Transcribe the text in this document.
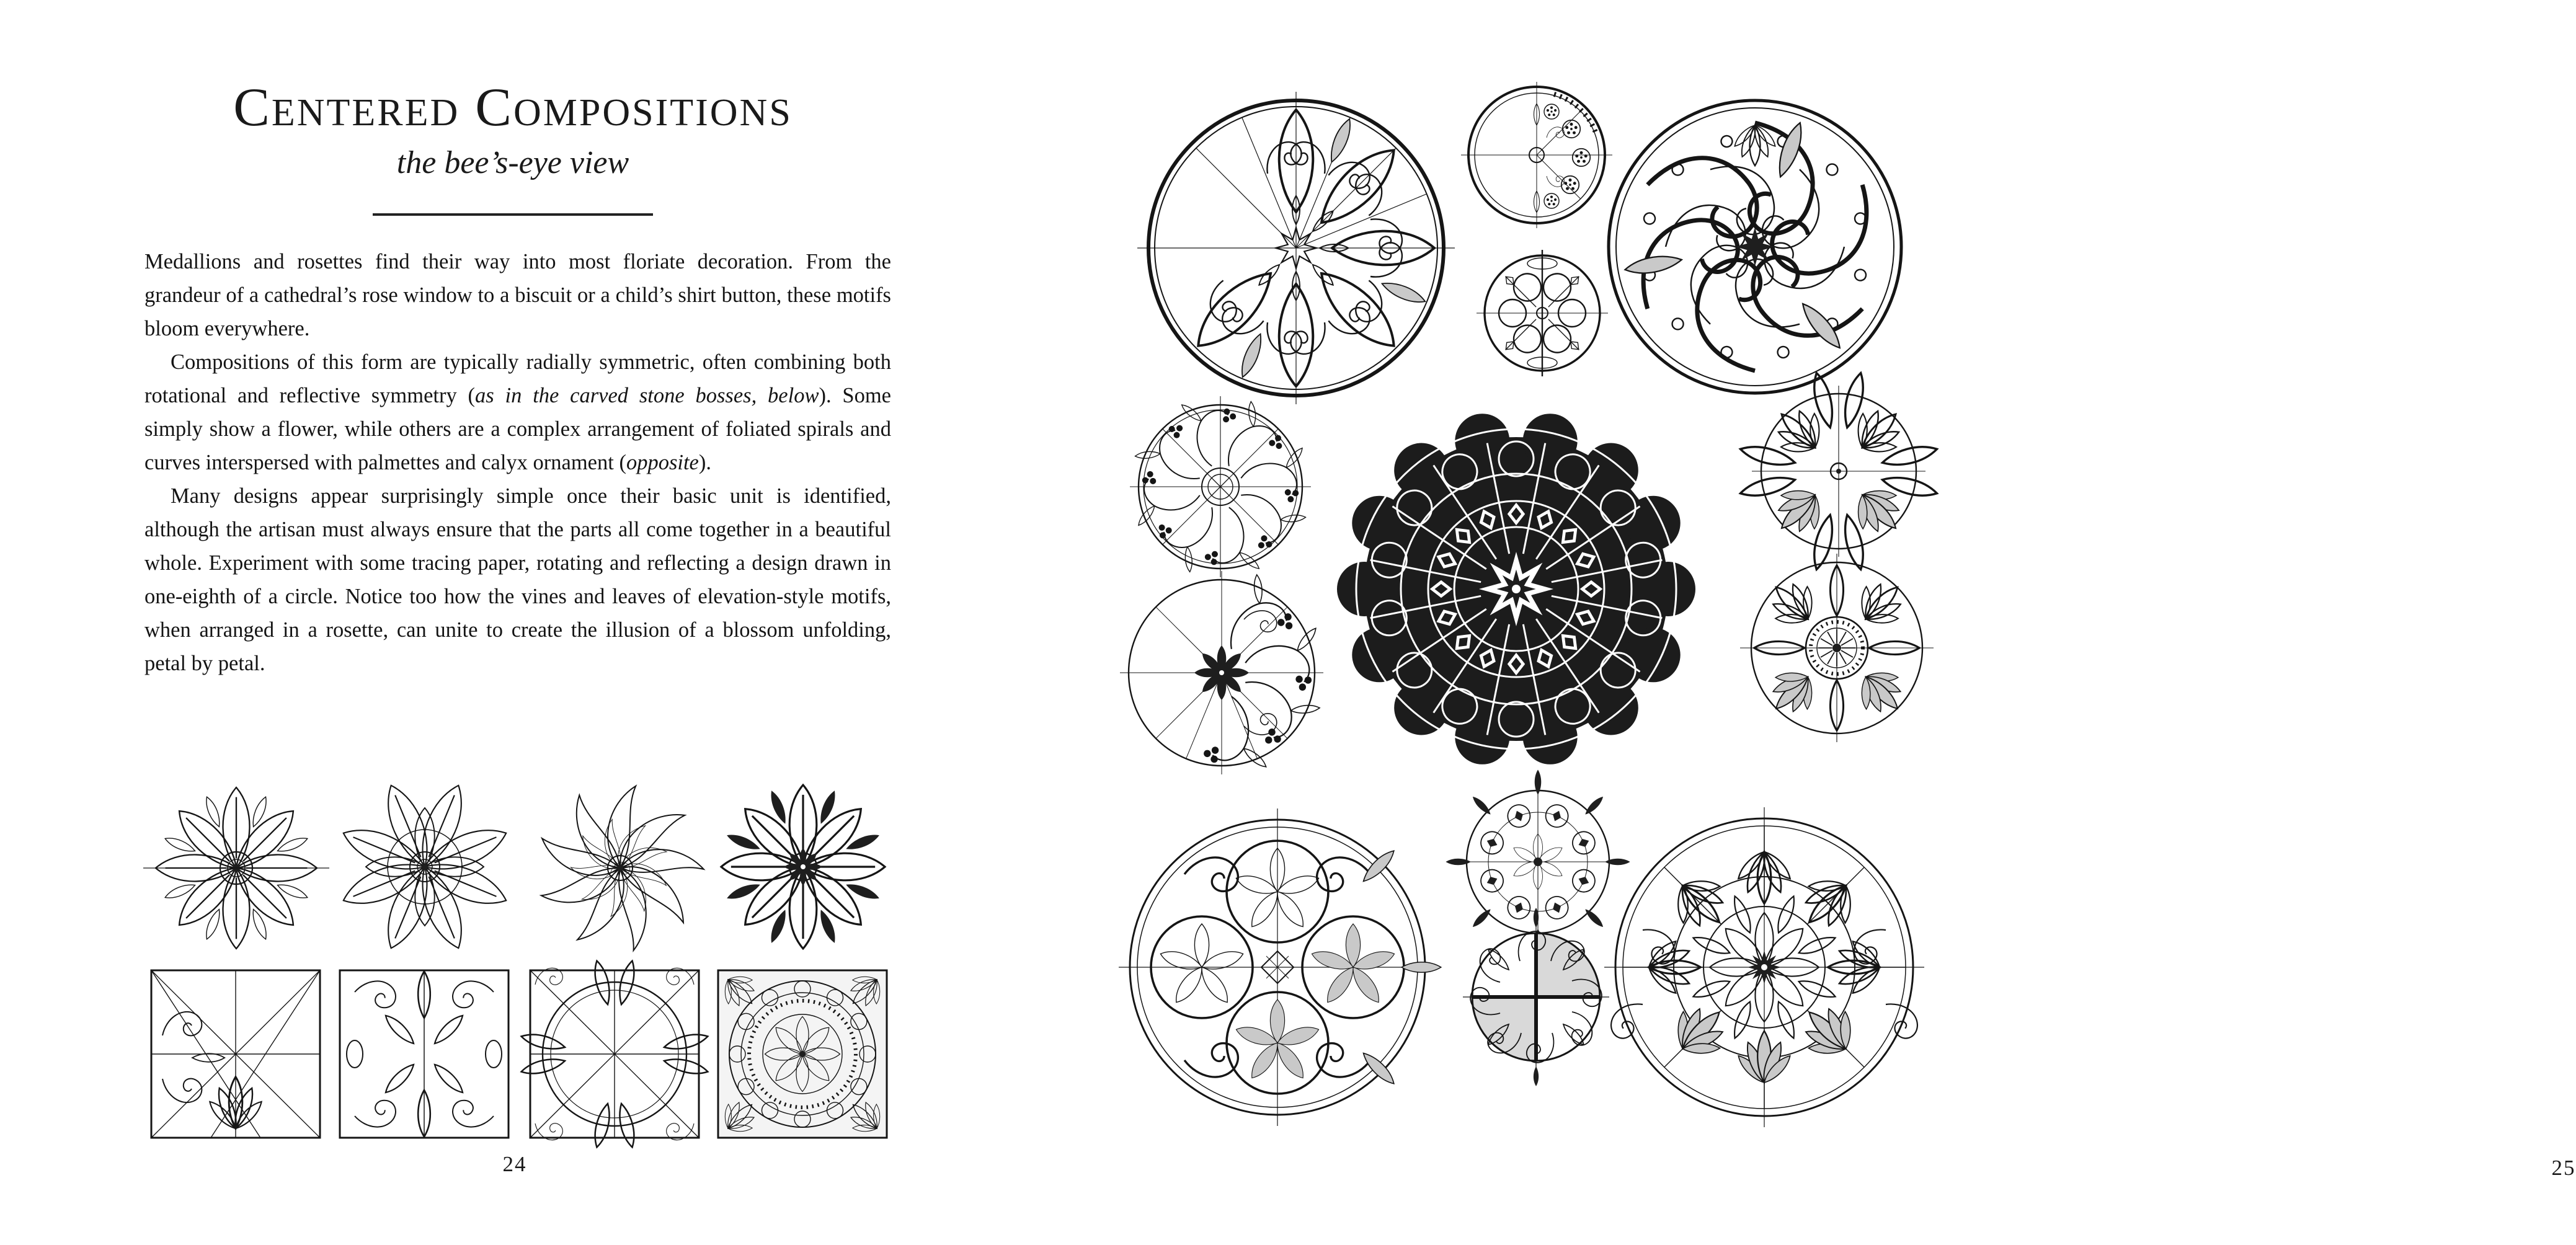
Centered Compositions
the bee’s-eye view

Medallions and rosettes find their way into most floriate decoration. From the grandeur of a cathedral’s rose window to a biscuit or a child’s shirt button, these motifs bloom everywhere.

Compositions of this form are typically radially symmetric, often combining both rotational and reflective symmetry (as in the carved stone bosses, below). Some simply show a flower, while others are a complex arrangement of foliated spirals and curves interspersed with palmettes and calyx ornament (opposite).

Many designs appear surprisingly simple once their basic unit is identified, although the artisan must always ensure that the parts all come together in a beautiful whole. Experiment with some tracing paper, rotating and reflecting a design drawn in one-eighth of a circle. Notice too how the vines and leaves of elevation-style motifs, when arranged in a rosette, can unite to create the illusion of a blossom unfolding, petal by petal.

24	25
